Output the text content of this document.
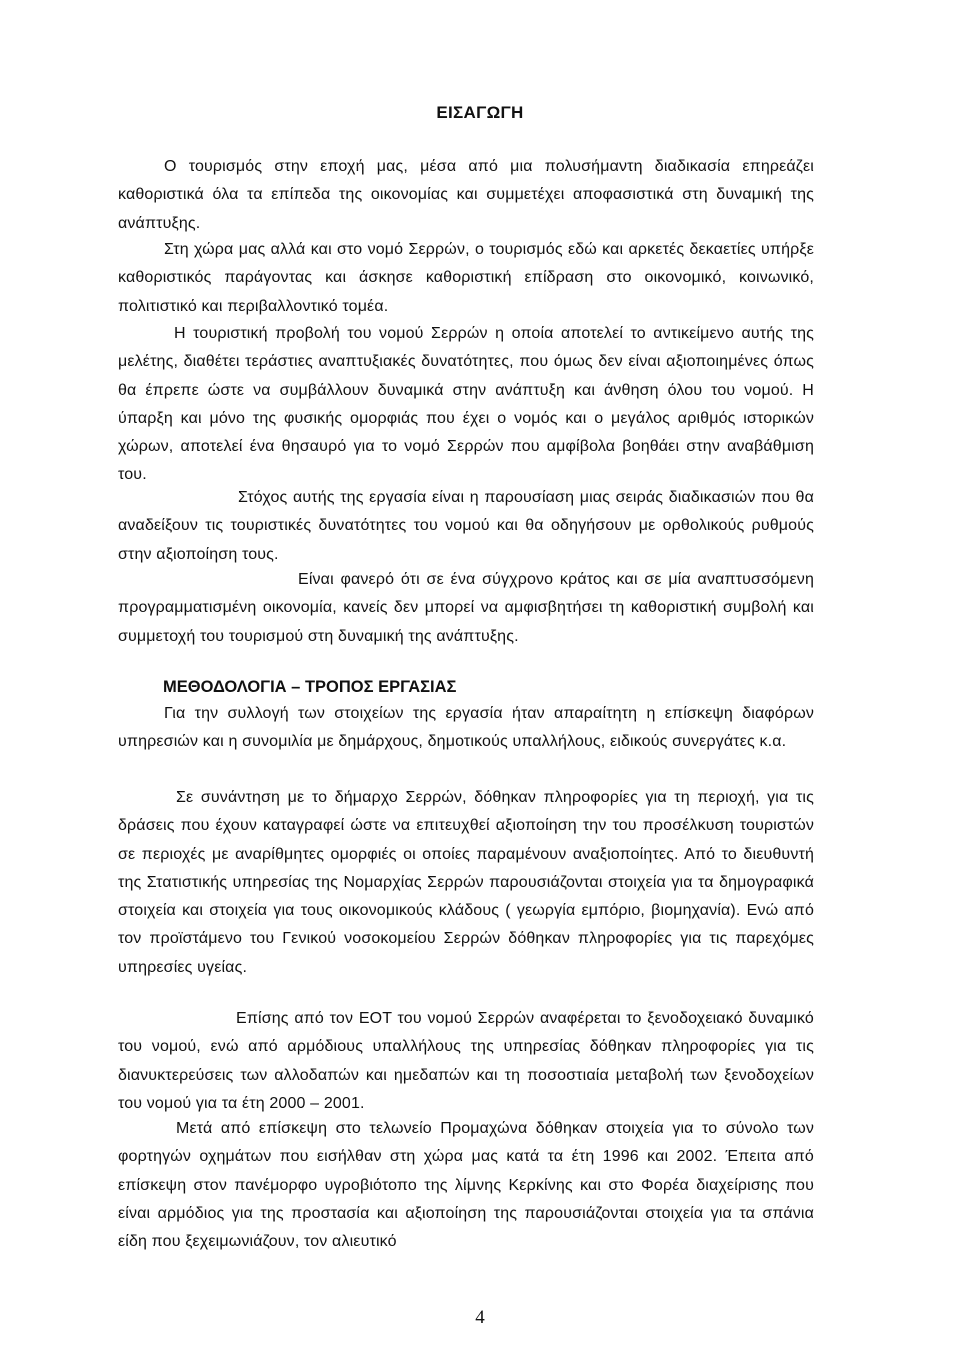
ΕΙΣΑΓΩΓΗ
Ο τουρισμός στην εποχή μας, μέσα από μια πολυσήμαντη διαδικασία επηρεάζει καθοριστικά όλα τα επίπεδα της οικονομίας και συμμετέχει αποφασιστικά στη δυναμική της ανάπτυξης.
Στη χώρα μας αλλά και στο νομό Σερρών, ο τουρισμός εδώ και αρκετές δεκαετίες υπήρξε καθοριστικός παράγοντας και άσκησε καθοριστική επίδραση στο οικονομικό, κοινωνικό, πολιτιστικό και περιβαλλοντικό τομέα.
Η τουριστική προβολή του νομού Σερρών η οποία αποτελεί το αντικείμενο αυτής της μελέτης, διαθέτει τεράστιες αναπτυξιακές δυνατότητες, που όμως δεν είναι αξιοποιημένες όπως θα έπρεπε ώστε να συμβάλλουν δυναμικά στην ανάπτυξη και άνθηση όλου του νομού. Η ύπαρξη και μόνο της φυσικής ομορφιάς που έχει ο νομός και ο μεγάλος αριθμός ιστορικών χώρων, αποτελεί ένα θησαυρό για το νομό Σερρών που αμφίβολα βοηθάει στην αναβάθμιση του.
Στόχος αυτής της εργασία είναι η παρουσίαση μιας σειράς διαδικασιών που θα αναδείξουν τις τουριστικές δυνατότητες του νομού και θα οδηγήσουν με ορθολικούς ρυθμούς στην αξιοποίηση τους.
Είναι φανερό ότι σε ένα σύγχρονο κράτος και σε μία αναπτυσσόμενη προγραμματισμένη οικονομία, κανείς δεν μπορεί να αμφισβητήσει τη καθοριστική συμβολή και συμμετοχή του τουρισμού στη δυναμική της ανάπτυξης.
ΜΕΘΟΔΟΛΟΓΙΑ – ΤΡΟΠΟΣ ΕΡΓΑΣΙΑΣ
Για την συλλογή των στοιχείων της εργασία ήταν απαραίτητη η επίσκεψη διαφόρων υπηρεσιών και η συνομιλία με δημάρχους, δημοτικούς υπαλλήλους, ειδικούς συνεργάτες κ.α.
Σε συνάντηση με το δήμαρχο Σερρών, δόθηκαν πληροφορίες για τη περιοχή, για τις δράσεις που έχουν καταγραφεί ώστε να επιτευχθεί αξιοποίηση την του προσέλκυση τουριστών σε περιοχές με αναρίθμητες ομορφιές οι οποίες παραμένουν αναξιοποίητες. Από το διευθυντή της Στατιστικής υπηρεσίας της Νομαρχίας Σερρών παρουσιάζονται στοιχεία για τα δημογραφικά στοιχεία και στοιχεία για τους οικονομικούς κλάδους ( γεωργία εμπόριο, βιομηχανία). Ενώ από τον προϊστάμενο του Γενικού νοσοκομείου Σερρών δόθηκαν πληροφορίες για τις παρεχόμες υπηρεσίες υγείας.
Επίσης από τον ΕΟΤ του νομού Σερρών αναφέρεται το ξενοδοχειακό δυναμικό του νομού, ενώ από αρμόδιους υπαλλήλους της υπηρεσίας δόθηκαν πληροφορίες για τις διανυκτερεύσεις των αλλοδαπών και ημεδαπών και τη ποσοστιαία μεταβολή των ξενοδοχείων του νομού για τα έτη 2000 – 2001.
Μετά από επίσκεψη στο τελωνείο Προμαχώνα δόθηκαν στοιχεία για το σύνολο των φορτηγών οχημάτων που εισήλθαν στη χώρα μας κατά τα έτη 1996 και 2002. Έπειτα από επίσκεψη στον πανέμορφο υγροβιότοπο της λίμνης Κερκίνης και στο Φορέα διαχείρισης που είναι αρμόδιος για της προστασία και αξιοποίηση της παρουσιάζονται στοιχεία για τα σπάνια είδη που ξεχειμωνιάζουν, τον αλιευτικό
4
